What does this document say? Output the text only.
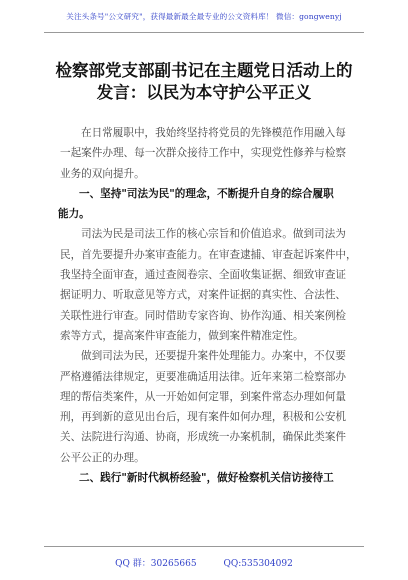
关注头条号"公文研究"，获得最新最全最专业的公文资料库！ 微信：gongwenyj
检察部党支部副书记在主题党日活动上的
发言：以民为本守护公平正义
在日常履职中，我始终坚持将党员的先锋模范作用融入每
一起案件办理、每一次群众接待工作中，实现党性修养与检察
业务的双向提升。
一、坚持"司法为民"的理念，不断提升自身的综合履职
能力。
司法为民是司法工作的核心宗旨和价值追求。做到司法为
民，首先要提升办案审查能力。在审查逮捕、审查起诉案件中，
我坚持全面审查，通过查阅卷宗、全面收集证据、细致审查证
据证明力、听取意见等方式，对案件证据的真实性、合法性、
关联性进行审查。同时借助专家咨询、协作沟通、相关案例检
索等方式，提高案件审查能力，做到案件精准定性。
做到司法为民，还要提升案件处理能力。办案中，不仅要
严格遵循法律规定，更要准确适用法律。近年来第二检察部办
理的帮信类案件，从一开始如何定罪，到案件常态办理如何量
刑，再到新的意见出台后，现有案件如何办理，积极和公安机
关、法院进行沟通、协商，形成统一办案机制，确保此类案件
公平公正的办理。
二、践行"新时代枫桥经验"，做好检察机关信访接待工
QQ 群：30265665	QQ:535304092
